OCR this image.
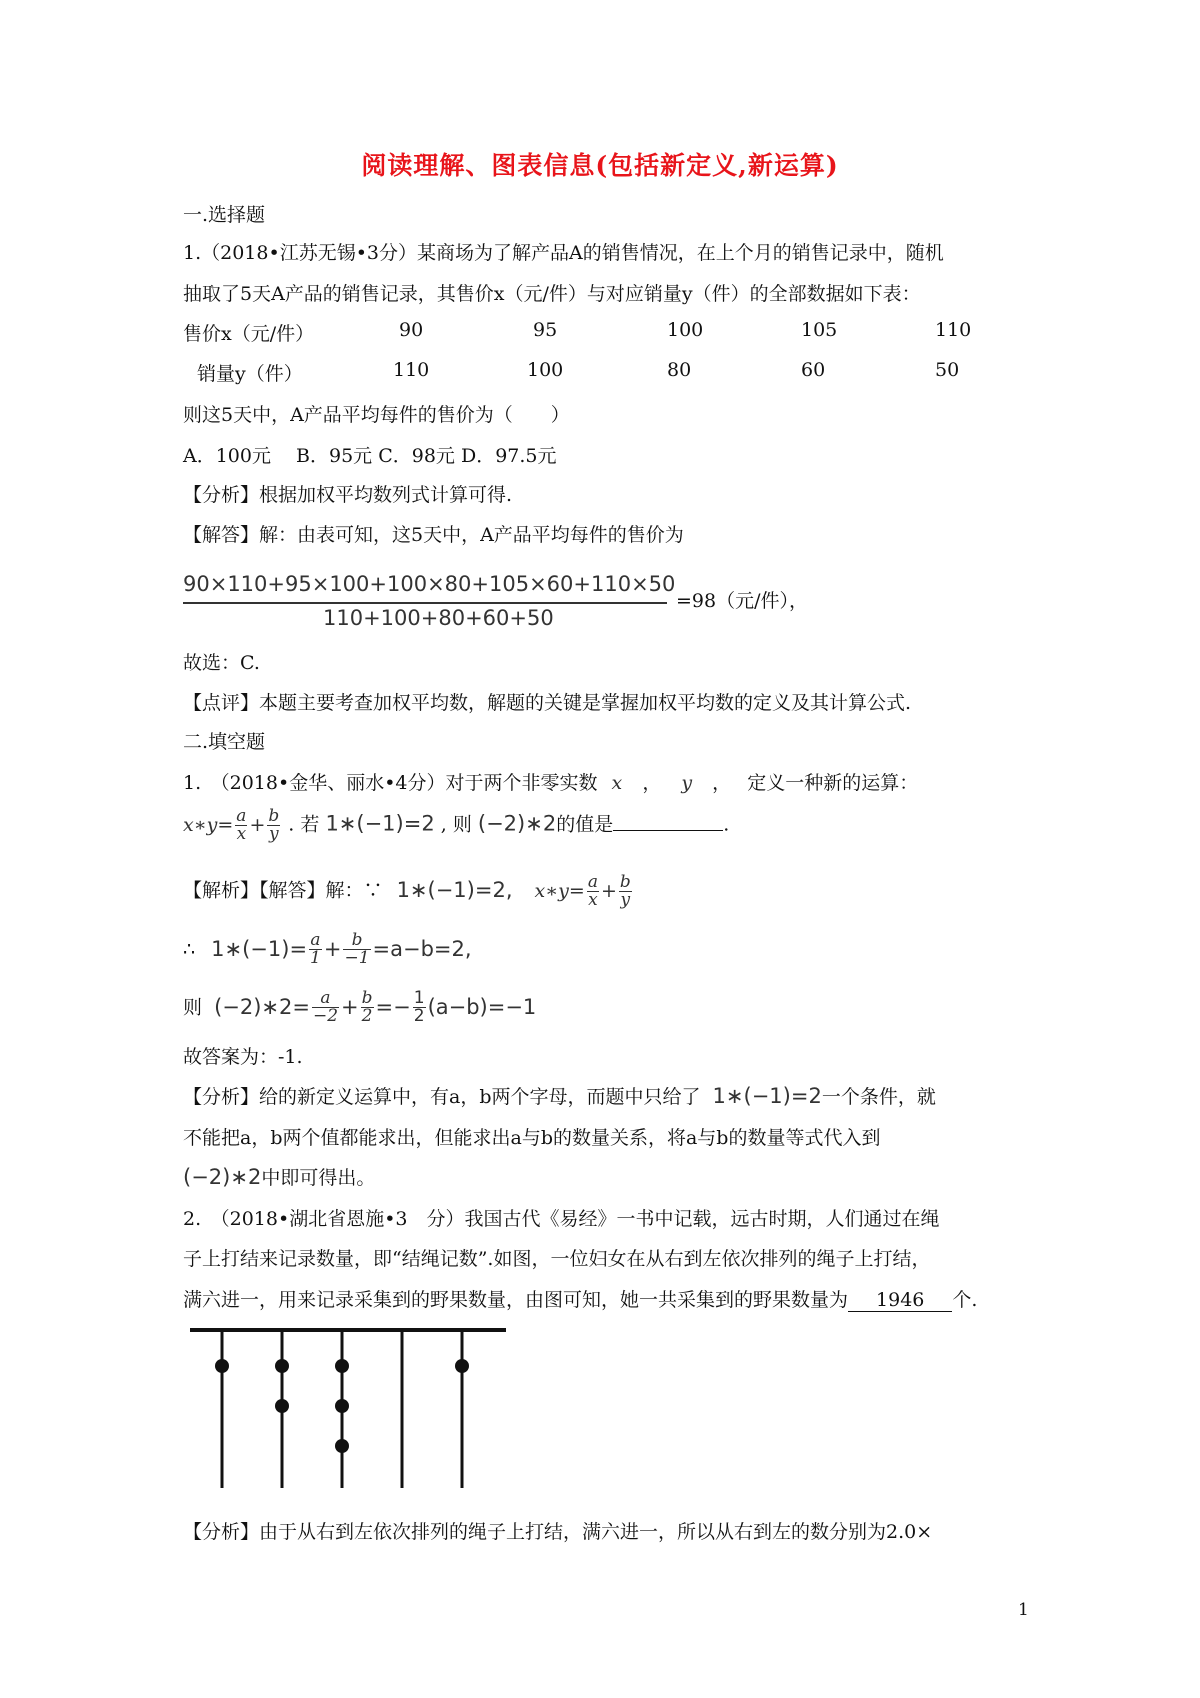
阅读理解、图表信息(包括新定义,新运算)
一.选择题
1.（2018•江苏无锡•3分）某商场为了解产品A的销售情况，在上个月的销售记录中，随机
抽取了5天A产品的销售记录，其售价x（元/件）与对应销量y（件）的全部数据如下表：
售价x（元/件）	90	95	100	105	110
销量y（件）	110	100	80	60	50
则这5天中，A产品平均每件的售价为（　　）
A．100元　 B．95元 C．98元 D．97.5元
【分析】根据加权平均数列式计算可得.
【解答】解：由表可知，这5天中，A产品平均每件的售价为
90×110+95×100+100×80+105×60+110×50
110+100+80+60+50
=98（元/件），
故选：C.
【点评】本题主要考查加权平均数，解题的关键是掌握加权平均数的定义及其计算公式.
二.填空题
1.　（2018•金华、丽水•4分）对于两个非零实数 x ， y ， 定义一种新的运算：
x∗y= $\frac{a}{x} + \frac{b}{y}$ . 若 1∗(−1)=2 , 则 (−2)∗2的值是	.
【解析】【解答】解：∵ 1∗(−1)=2, x∗y= $\frac{a}{x} + \frac{b}{y}$
∴ 1∗(−1)= $\frac{a}{1} + \frac{b}{-1} =a-b=2$,
则 (−2)∗2= $\frac{a}{-2} + \frac{b}{2} =- \frac{1}{2} (a-b)=-1$
故答案为：-1.
【分析】给的新定义运算中，有a，b两个字母，而题中只给了 1∗(−1)=2一个条件，就
不能把a，b两个值都能求出，但能求出a与b的数量关系，将a与b的数量等式代入到
(−2)∗2中即可得出。
2.　（2018•湖北省恩施•3　分）我国古代《易经》一书中记载，远古时期，人们通过在绳
子上打结来记录数量，即“结绳记数”.如图，一位妇女在从右到左依次排列的绳子上打结，
满六进一，用来记录采集到的野果数量，由图可知，她一共采集到的野果数量为 1946 个.
【分析】由于从右到左依次排列的绳子上打结，满六进一，所以从右到左的数分别为2.0×
1
